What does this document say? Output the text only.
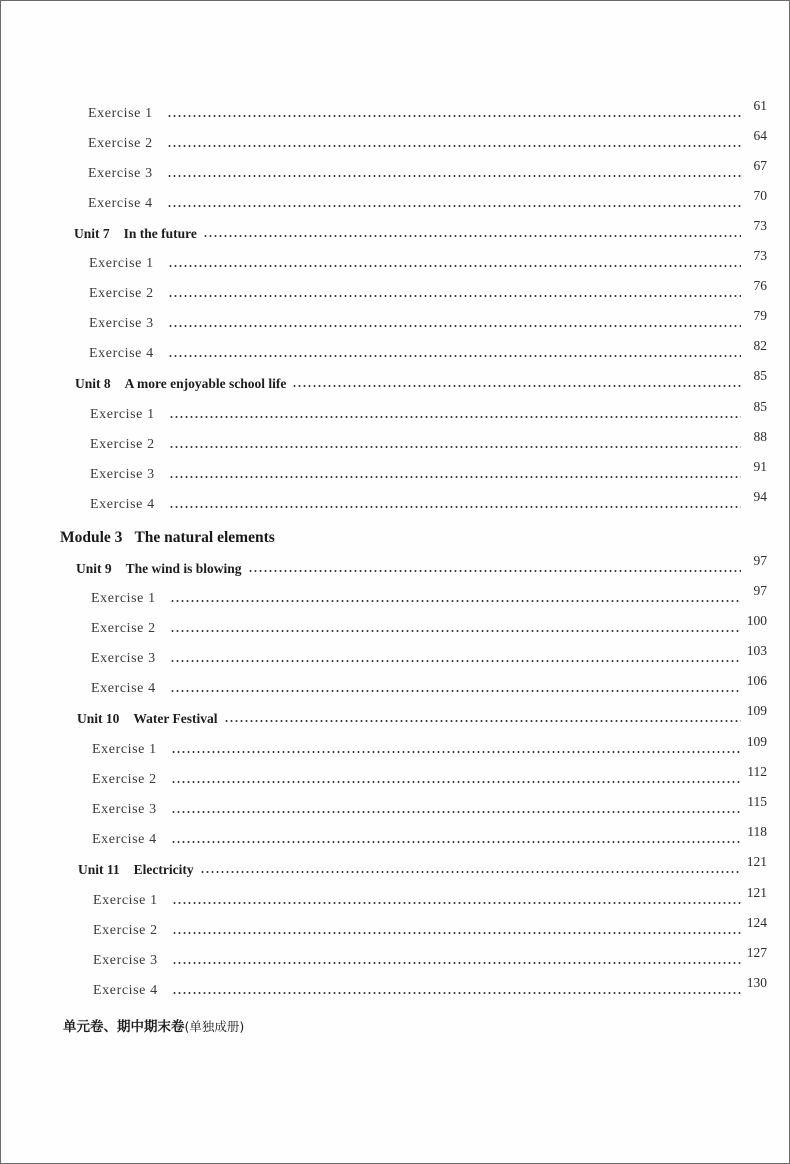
Exercise 1
61
Exercise 2
64
Exercise 3
67
Exercise 4
70
Unit 7 In the future
73
Exercise 1
73
Exercise 2
76
Exercise 3
79
Exercise 4
82
Unit 8 A more enjoyable school life
85
Exercise 1
85
Exercise 2
88
Exercise 3
91
Exercise 4
94
Module 3 The natural elements
Unit 9 The wind is blowing
97
Exercise 1
97
Exercise 2
100
Exercise 3
103
Exercise 4
106
Unit 10 Water Festival
109
Exercise 1
109
Exercise 2
112
Exercise 3
115
Exercise 4
118
Unit 11 Electricity
121
Exercise 1
121
Exercise 2
124
Exercise 3
127
Exercise 4
130
单元卷、期中期末卷(单独成册)
